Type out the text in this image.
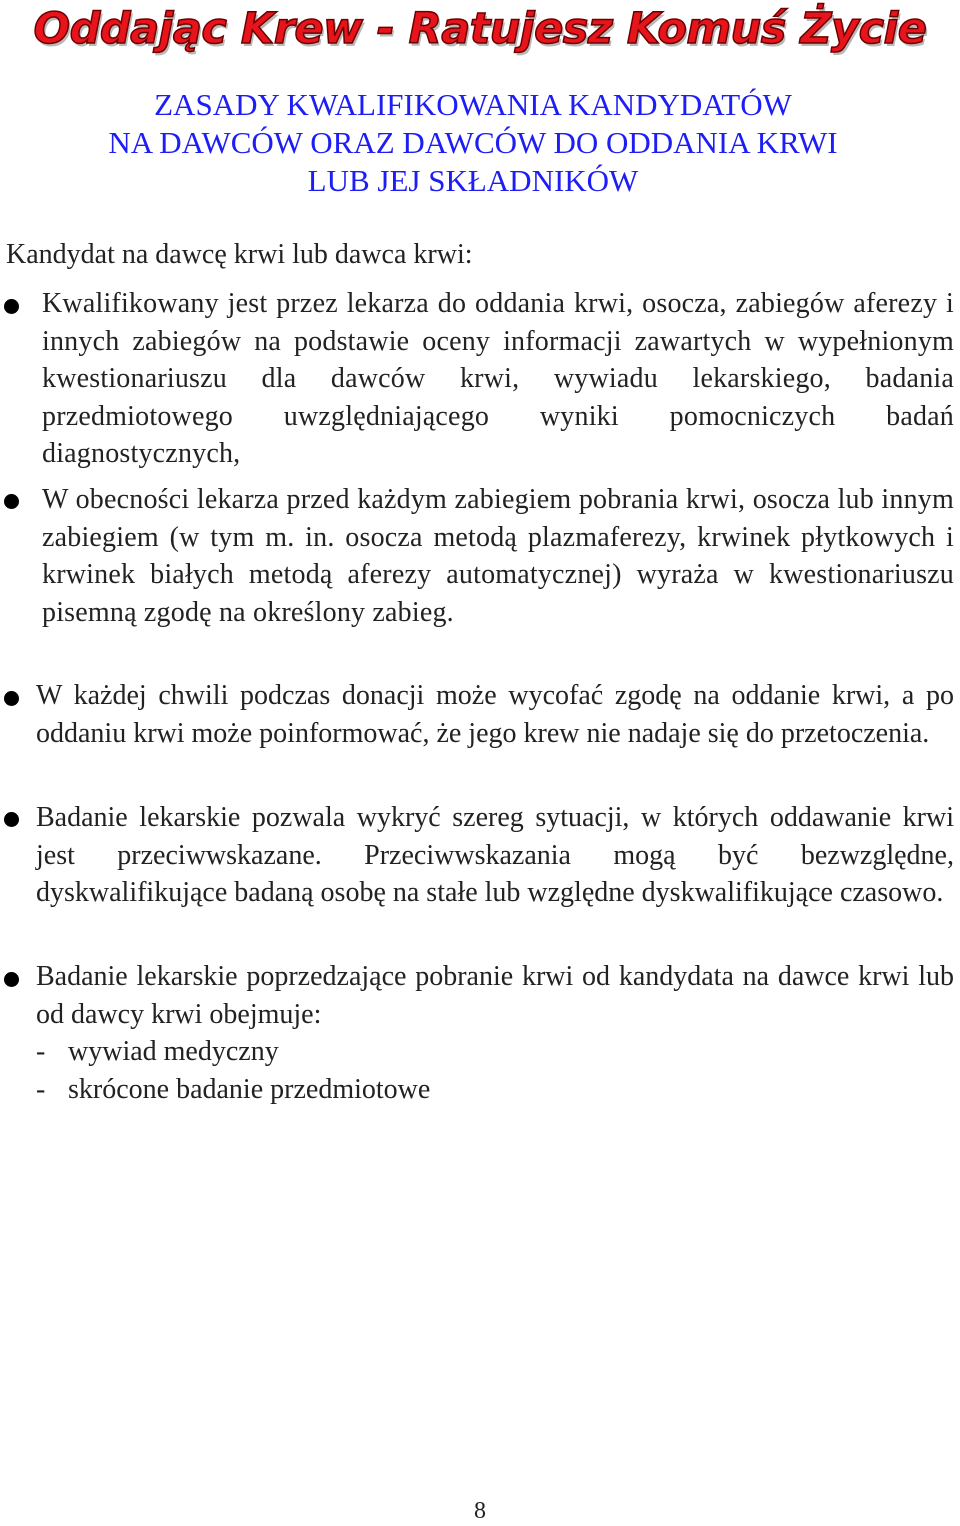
Oddając Krew - Ratujesz Komuś Życie
ZASADY KWALIFIKOWANIA KANDYDATÓW
NA DAWCÓW ORAZ DAWCÓW DO ODDANIA KRWI
LUB JEJ SKŁADNIKÓW
Kandydat na dawcę krwi lub dawca krwi:
Kwalifikowany jest przez lekarza do oddania krwi, osocza, zabiegów aferezy i innych zabiegów na podstawie oceny informacji zawartych w wypełnionym kwestionariuszu dla dawców krwi, wywiadu lekarskiego, badania przedmiotowego uwzględniającego wyniki pomocniczych badań diagnostycznych,
W obecności lekarza przed każdym zabiegiem pobrania krwi, osocza lub innym zabiegiem (w tym m. in. osocza metodą plazmaferezy, krwinek płytkowych i krwinek białych metodą aferezy automatycznej) wyraża w kwestionariuszu pisemną zgodę na określony zabieg.
W każdej chwili podczas donacji może wycofać zgodę na oddanie krwi, a po oddaniu krwi może poinformować, że jego krew nie nadaje się do przetoczenia.
Badanie lekarskie pozwala wykryć szereg sytuacji, w których oddawanie krwi jest przeciwwskazane. Przeciwwskazania mogą być bezwzględne, dyskwalifikujące badaną osobę na stałe lub względne dyskwalifikujące czasowo.
Badanie lekarskie poprzedzające pobranie krwi od kandydata na dawce krwi lub od dawcy krwi obejmuje:
- wywiad medyczny
- skrócone badanie przedmiotowe
8
